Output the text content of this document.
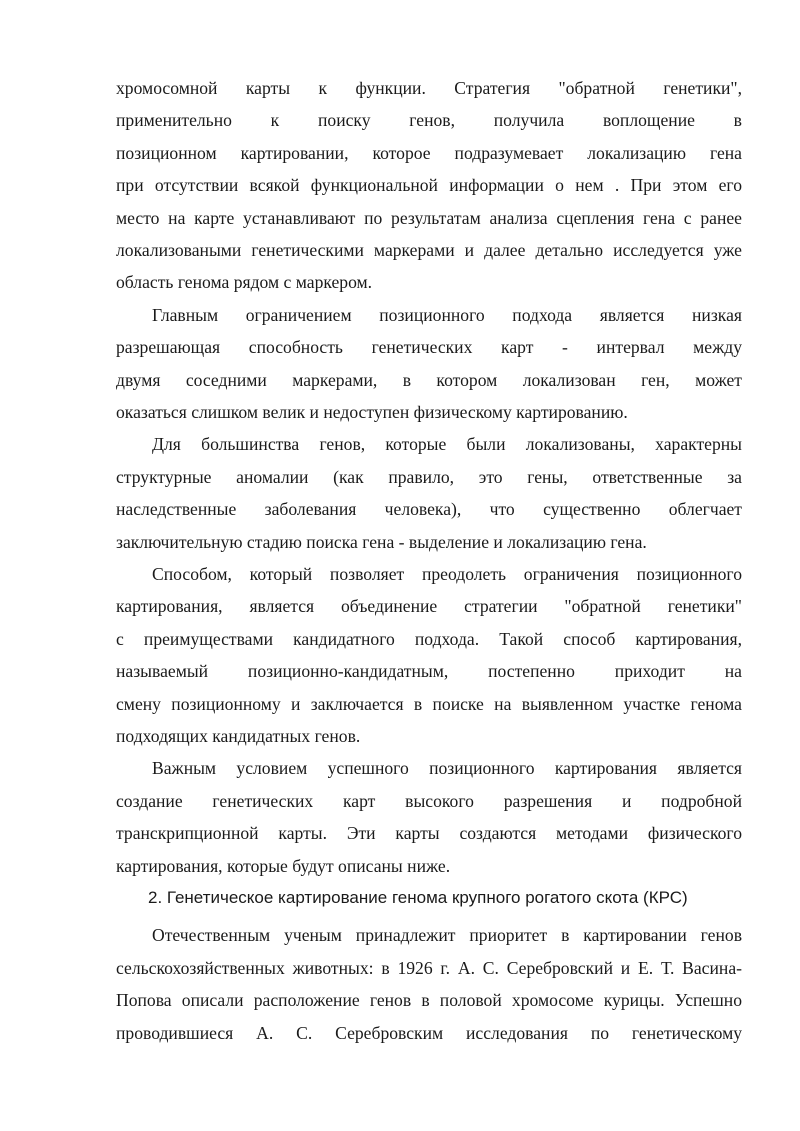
хромосомной карты к функции. Стратегия "обратной генетики",
применительно к поиску генов, получила воплощение в
позиционном картировании, которое подразумевает локализацию гена
при отсутствии всякой функциональной информации о нем . При этом его
место на карте устанавливают по результатам анализа сцепления гена с ранее
локализоваными генетическими маркерами и далее детально исследуется уже
область генома рядом с маркером.
Главным ограничением позиционного подхода является низкая
разрешающая способность генетических карт - интервал между
двумя соседними маркерами, в котором локализован ген, может
оказаться слишком велик и недоступен физическому картированию.
Для большинства генов, которые были локализованы, характерны
структурные аномалии (как правило, это гены, ответственные за
наследственные заболевания человека), что существенно облегчает
заключительную стадию поиска гена - выделение и локализацию гена.
Способом, который позволяет преодолеть ограничения позиционного
картирования, является объединение стратегии "обратной генетики"
с преимуществами кандидатного подхода. Такой способ картирования,
называемый позиционно-кандидатным, постепенно приходит на
смену позиционному и заключается в поиске на выявленном участке генома
подходящих кандидатных генов.
Важным условием успешного позиционного картирования является
создание генетических карт высокого разрешения и подробной
транскрипционной карты. Эти карты создаются методами физического
картирования, которые будут описаны ниже.
2. Генетическое картирование генома крупного рогатого скота (КРС)
Отечественным ученым принадлежит приоритет в картировании генов
сельскохозяйственных животных: в 1926 г. А. С. Серебровский и Е. Т. Васина-
Попова описали расположение генов в половой хромосоме курицы. Успешно
проводившиеся А. С. Серебровским исследования по генетическому
